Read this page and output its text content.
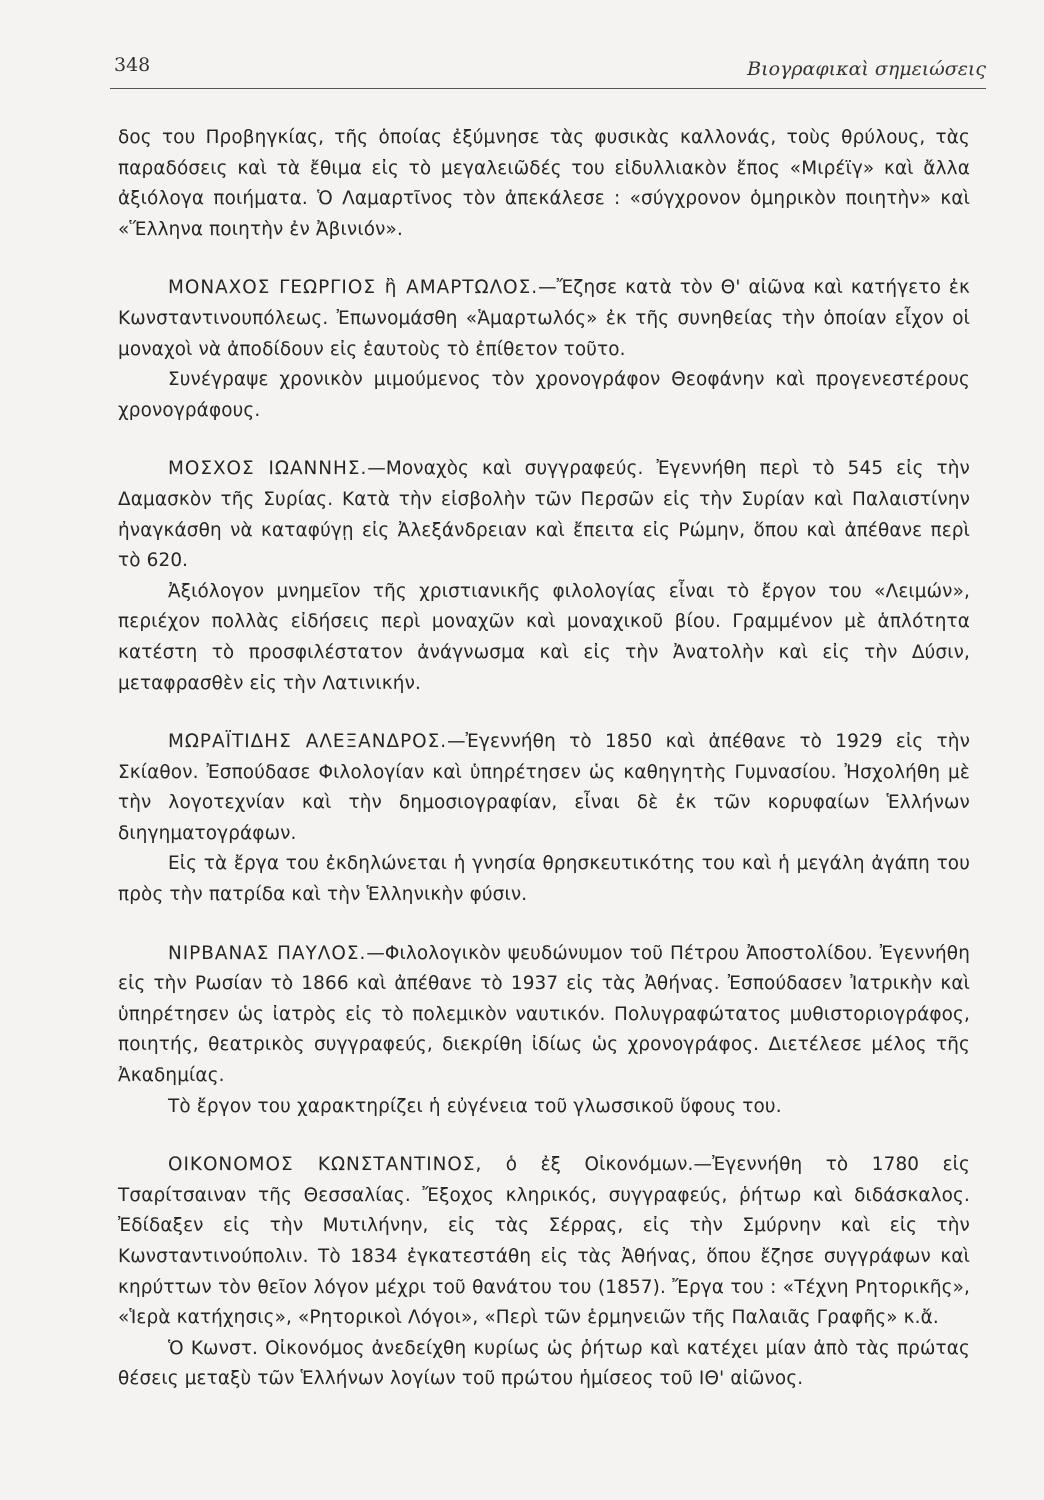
348	Βιογραφικαὶ σημειώσεις

δος του Προβηγκίας, τῆς ὁποίας ἐξύμνησε τὰς φυσικὰς καλλονάς, τοὺς θρύλους, τὰς παραδόσεις καὶ τὰ ἔθιμα εἰς τὸ μεγαλειῶδές του εἰδυλλιακὸν ἔπος «Μιρέϊγ» καὶ ἄλλα ἀξιόλογα ποιήματα. Ὁ Λαμαρτῖνος τὸν ἀπεκάλεσε : «σύγχρονον ὁμηρικὸν ποιητὴν» καὶ «Ἕλληνα ποιητὴν ἐν Ἀβινιόν».

ΜΟΝΑΧΟΣ ΓΕΩΡΓΙΟΣ ἢ ΑΜΑΡΤΩΛΟΣ.—Ἔζησε κατὰ τὸν Θ' αἰῶνα καὶ κατήγετο ἐκ Κωνσταντινουπόλεως. Ἐπωνομάσθη «Ἁμαρτωλός» ἐκ τῆς συνηθείας τὴν ὁποίαν εἶχον οἱ μοναχοὶ νὰ ἀποδίδουν εἰς ἑαυτοὺς τὸ ἐπίθετον τοῦτο.

Συνέγραψε χρονικὸν μιμούμενος τὸν χρονογράφον Θεοφάνην καὶ προγενεστέρους χρονογράφους.

ΜΟΣΧΟΣ ΙΩΑΝΝΗΣ.—Μοναχὸς καὶ συγγραφεύς. Ἐγεννήθη περὶ τὸ 545 εἰς τὴν Δαμασκὸν τῆς Συρίας. Κατὰ τὴν εἰσβολὴν τῶν Περσῶν εἰς τὴν Συρίαν καὶ Παλαιστίνην ἠναγκάσθη νὰ καταφύγῃ εἰς Ἀλεξάνδρειαν καὶ ἔπειτα εἰς Ρώμην, ὅπου καὶ ἀπέθανε περὶ τὸ 620.

Ἀξιόλογον μνημεῖον τῆς χριστιανικῆς φιλολογίας εἶναι τὸ ἔργον του «Λειμών», περιέχον πολλὰς εἰδήσεις περὶ μοναχῶν καὶ μοναχικοῦ βίου. Γραμμένον μὲ ἁπλότητα κατέστη τὸ προσφιλέστατον ἀνάγνωσμα καὶ εἰς τὴν Ἀνατολὴν καὶ εἰς τὴν Δύσιν, μεταφρασθὲν εἰς τὴν Λατινικήν.

ΜΩΡΑΪΤΙΔΗΣ ΑΛΕΞΑΝΔΡΟΣ.—Ἐγεννήθη τὸ 1850 καὶ ἀπέθανε τὸ 1929 εἰς τὴν Σκίαθον. Ἐσπούδασε Φιλολογίαν καὶ ὑπηρέτησεν ὡς καθηγητὴς Γυμνασίου. Ἠσχολήθη μὲ τὴν λογοτεχνίαν καὶ τὴν δημοσιογραφίαν, εἶναι δὲ ἐκ τῶν κορυφαίων Ἑλλήνων διηγηματογράφων.

Εἰς τὰ ἔργα του ἐκδηλώνεται ἡ γνησία θρησκευτικότης του καὶ ἡ μεγάλη ἀγάπη του πρὸς τὴν πατρίδα καὶ τὴν Ἑλληνικὴν φύσιν.

ΝΙΡΒΑΝΑΣ ΠΑΥΛΟΣ.—Φιλολογικὸν ψευδώνυμον τοῦ Πέτρου Ἀποστολίδου. Ἐγεννήθη εἰς τὴν Ρωσίαν τὸ 1866 καὶ ἀπέθανε τὸ 1937 εἰς τὰς Ἀθήνας. Ἐσπούδασεν Ἰατρικὴν καὶ ὑπηρέτησεν ὡς ἰατρὸς εἰς τὸ πολεμικὸν ναυτικόν. Πολυγραφώτατος μυθιστοριογράφος, ποιητής, θεατρικὸς συγγραφεύς, διεκρίθη ἰδίως ὡς χρονογράφος. Διετέλεσε μέλος τῆς Ἀκαδημίας.

Τὸ ἔργον του χαρακτηρίζει ἡ εὐγένεια τοῦ γλωσσικοῦ ὕφους του.

ΟΙΚΟΝΟΜΟΣ ΚΩΝΣΤΑΝΤΙΝΟΣ, ὁ ἐξ Οἰκονόμων.—Ἐγεννήθη τὸ 1780 εἰς Τσαρίτσαιναν τῆς Θεσσαλίας. Ἔξοχος κληρικός, συγγραφεύς, ῥήτωρ καὶ διδάσκαλος. Ἐδίδαξεν εἰς τὴν Μυτιλήνην, εἰς τὰς Σέρρας, εἰς τὴν Σμύρνην καὶ εἰς τὴν Κωνσταντινούπολιν. Τὸ 1834 ἐγκατεστάθη εἰς τὰς Ἀθήνας, ὅπου ἔζησε συγγράφων καὶ κηρύττων τὸν θεῖον λόγον μέχρι τοῦ θανάτου του (1857). Ἔργα του : «Τέχνη Ρητορικῆς», «Ἱερὰ κατήχησις», «Ρητορικοὶ Λόγοι», «Περὶ τῶν ἑρμηνειῶν τῆς Παλαιᾶς Γραφῆς» κ.ἄ.

Ὁ Κωνστ. Οἰκονόμος ἀνεδείχθη κυρίως ὡς ῥήτωρ καὶ κατέχει μίαν ἀπὸ τὰς πρώτας θέσεις μεταξὺ τῶν Ἑλλήνων λογίων τοῦ πρώτου ἡμίσεος τοῦ ΙΘ' αἰῶνος.
